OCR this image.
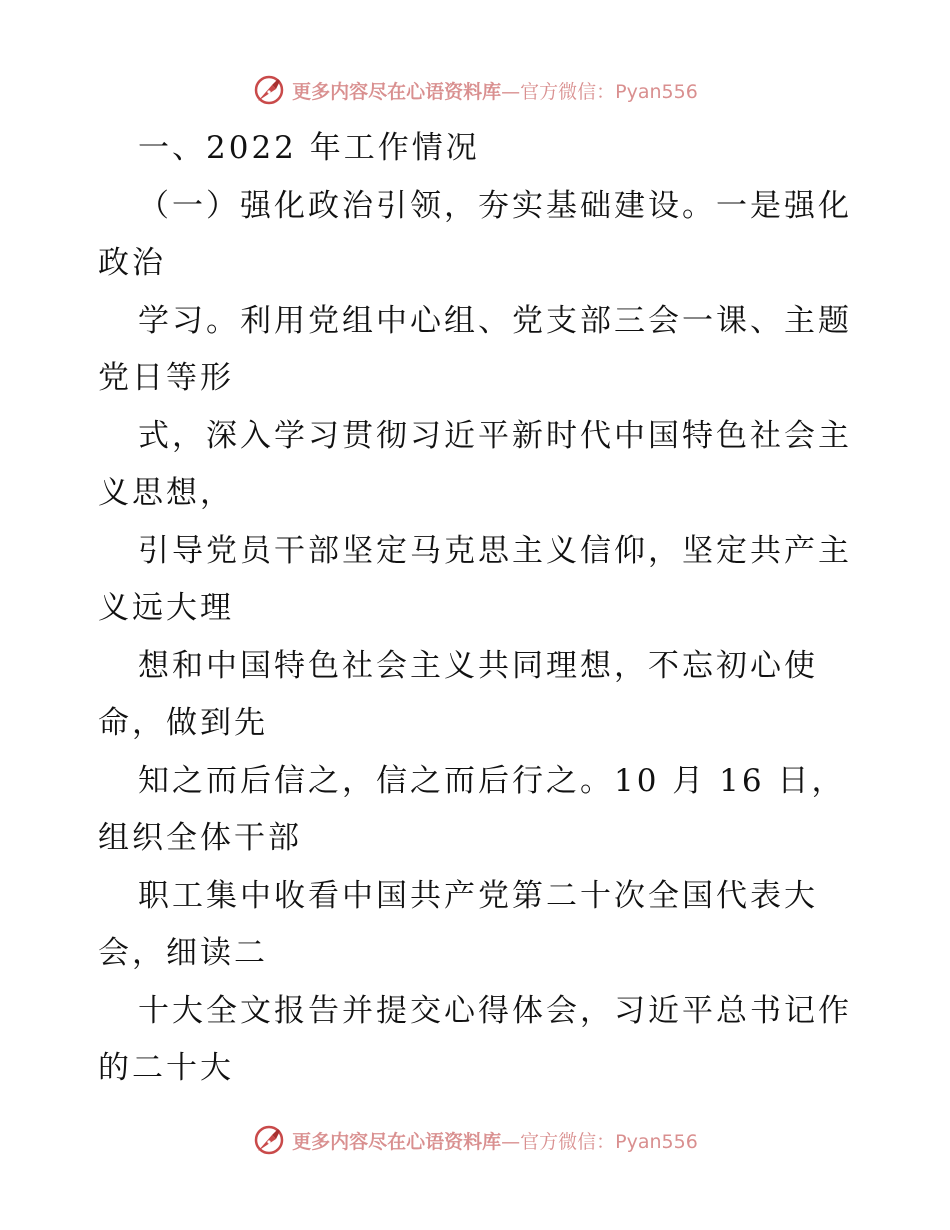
更多内容尽在心语资料库—官方微信：Pyan556
一、2022 年工作情况
（一）强化政治引领，夯实基础建设。一是强化
政治
学习。利用党组中心组、党支部三会一课、主题
党日等形
式，深入学习贯彻习近平新时代中国特色社会主
义思想，
引导党员干部坚定马克思主义信仰，坚定共产主
义远大理
想和中国特色社会主义共同理想，不忘初心使
命，做到先
知之而后信之，信之而后行之。10 月 16 日，
组织全体干部
职工集中收看中国共产党第二十次全国代表大
会，细读二
十大全文报告并提交心得体会，习近平总书记作
的二十大
更多内容尽在心语资料库—官方微信：Pyan556
